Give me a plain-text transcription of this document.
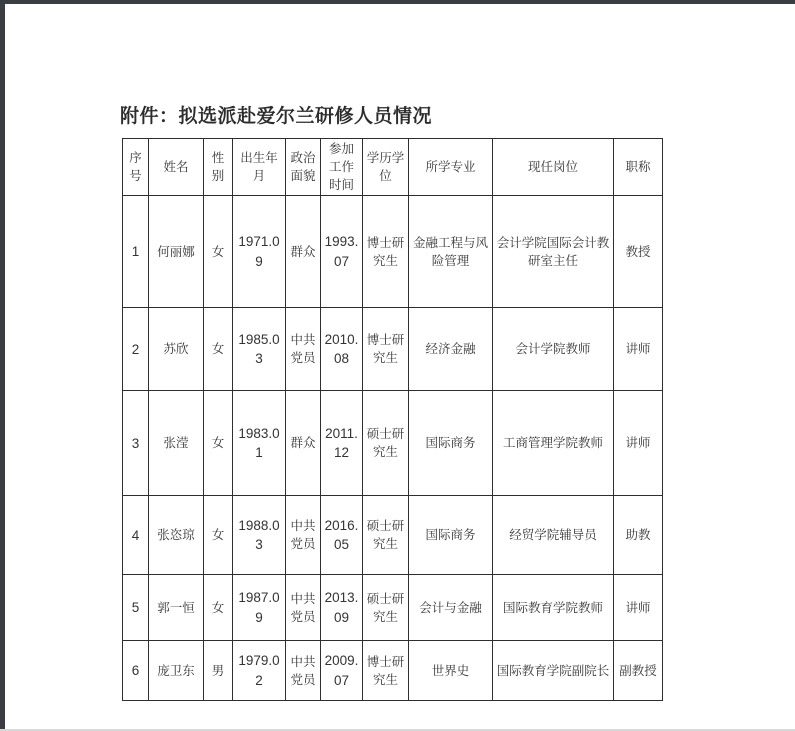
附件：拟选派赴爱尔兰研修人员情况
序号	姓名	性别	出生年月	政治面貌	参加工作时间	学历学位	所学专业	现任岗位	职称
1	何丽娜	女	1971.09	群众	1993.07	博士研究生	金融工程与风险管理	会计学院国际会计教研室主任	教授
2	苏欣	女	1985.03	中共党员	2010.08	博士研究生	经济金融	会计学院教师	讲师
3	张滢	女	1983.01	群众	2011.12	硕士研究生	国际商务	工商管理学院教师	讲师
4	张恣琼	女	1988.03	中共党员	2016.05	硕士研究生	国际商务	经贸学院辅导员	助教
5	郭一恒	女	1987.09	中共党员	2013.09	硕士研究生	会计与金融	国际教育学院教师	讲师
6	庞卫东	男	1979.02	中共党员	2009.07	博士研究生	世界史	国际教育学院副院长	副教授
